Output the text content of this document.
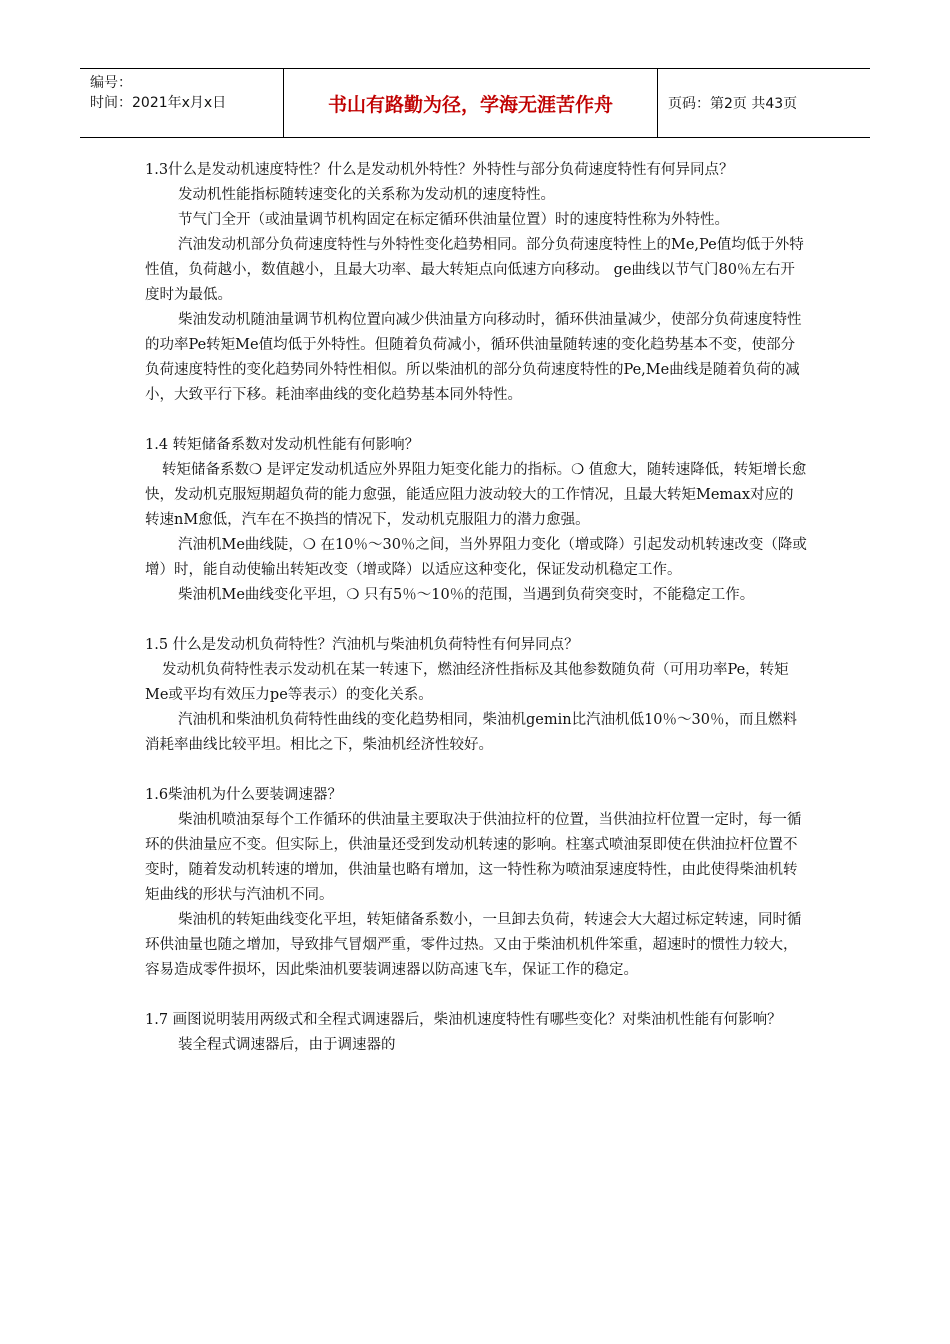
编号：
时间：2021年x月x日	书山有路勤为径，学海无涯苦作舟	页码：第2页 共43页

1.3什么是发动机速度特性？什么是发动机外特性？外特性与部分负荷速度特性有何异同点？

发动机性能指标随转速变化的关系称为发动机的速度特性。

节气门全开（或油量调节机构固定在标定循环供油量位置）时的速度特性称为外特性。

汽油发动机部分负荷速度特性与外特性变化趋势相同。部分负荷速度特性上的Me,Pe值均低于外特性值，负荷越小，数值越小，且最大功率、最大转矩点向低速方向移动。 ge曲线以节气门80％左右开度时为最低。

柴油发动机随油量调节机构位置向减少供油量方向移动时，循环供油量减少，使部分负荷速度特性的功率Pe转矩Me值均低于外特性。但随着负荷减小，循环供油量随转速的变化趋势基本不变，使部分负荷速度特性的变化趋势同外特性相似。所以柴油机的部分负荷速度特性的Pe,Me曲线是随着负荷的减小，大致平行下移。耗油率曲线的变化趋势基本同外特性。

1.4 转矩储备系数对发动机性能有何影响？

转矩储备系数❍ 是评定发动机适应外界阻力矩变化能力的指标。❍ 值愈大，随转速降低，转矩增长愈快，发动机克服短期超负荷的能力愈强，能适应阻力波动较大的工作情况，且最大转矩Memax对应的转速nM愈低，汽车在不换挡的情况下，发动机克服阻力的潜力愈强。

汽油机Me曲线陡，❍ 在10％～30％之间，当外界阻力变化（增或降）引起发动机转速改变（降或增）时，能自动使输出转矩改变（增或降）以适应这种变化，保证发动机稳定工作。

柴油机Me曲线变化平坦，❍ 只有5％～10％的范围，当遇到负荷突变时，不能稳定工作。

1.5 什么是发动机负荷特性？汽油机与柴油机负荷特性有何异同点？

发动机负荷特性表示发动机在某一转速下，燃油经济性指标及其他参数随负荷（可用功率Pe，转矩Me或平均有效压力pe等表示）的变化关系。

汽油机和柴油机负荷特性曲线的变化趋势相同，柴油机gemin比汽油机低10％～30％，而且燃料消耗率曲线比较平坦。相比之下，柴油机经济性较好。

1.6柴油机为什么要装调速器？

柴油机喷油泵每个工作循环的供油量主要取决于供油拉杆的位置，当供油拉杆位置一定时，每一循环的供油量应不变。但实际上，供油量还受到发动机转速的影响。柱塞式喷油泵即使在供油拉杆位置不变时，随着发动机转速的增加，供油量也略有增加，这一特性称为喷油泵速度特性，由此使得柴油机转矩曲线的形状与汽油机不同。

柴油机的转矩曲线变化平坦，转矩储备系数小，一旦卸去负荷，转速会大大超过标定转速，同时循环供油量也随之增加，导致排气冒烟严重，零件过热。又由于柴油机机件笨重，超速时的惯性力较大，容易造成零件损坏，因此柴油机要装调速器以防高速飞车，保证工作的稳定。

1.7 画图说明装用两级式和全程式调速器后，柴油机速度特性有哪些变化？对柴油机性能有何影响？

装全程式调速器后，由于调速器的
